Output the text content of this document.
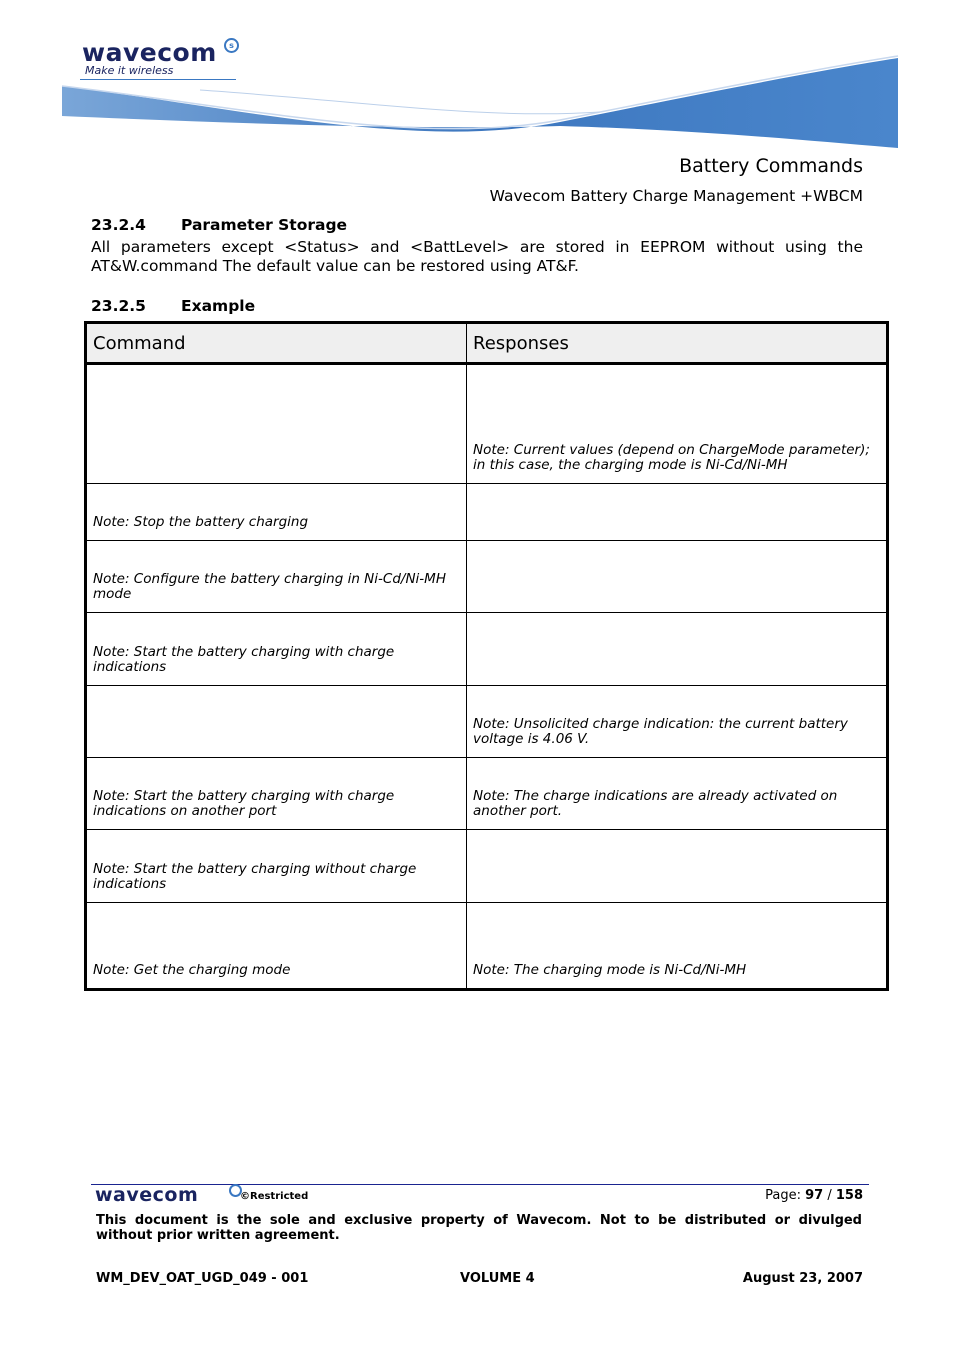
wavecom	s
Make it wireless
Battery Commands
Wavecom Battery Charge Management +WBCM
23.2.4 Parameter Storage
All parameters except <Status> and <BattLevel> are stored in EEPROM without using the AT&W.command The default value can be restored using AT&F.
23.2.5 Example
Command	Responses

	Note: Current values (depend on ChargeMode parameter); in this case, the charging mode is Ni-Cd/Ni-MH

Note: Stop the battery charging	

Note: Configure the battery charging in Ni-Cd/Ni-MH mode	

Note: Start the battery charging with charge indications	

	Note: Unsolicited charge indication: the current battery voltage is 4.06 V.

Note: Start the battery charging with charge indications on another port	Note: The charge indications are already activated on another port.

Note: Start the battery charging without charge indications	

Note: Get the charging mode	Note: The charging mode is Ni-Cd/Ni-MH
wavecom	©Restricted	Page: 97 / 158
This document is the sole and exclusive property of Wavecom. Not to be distributed or divulged without prior written agreement.
WM_DEV_OAT_UGD_049 - 001	VOLUME 4	August 23, 2007
